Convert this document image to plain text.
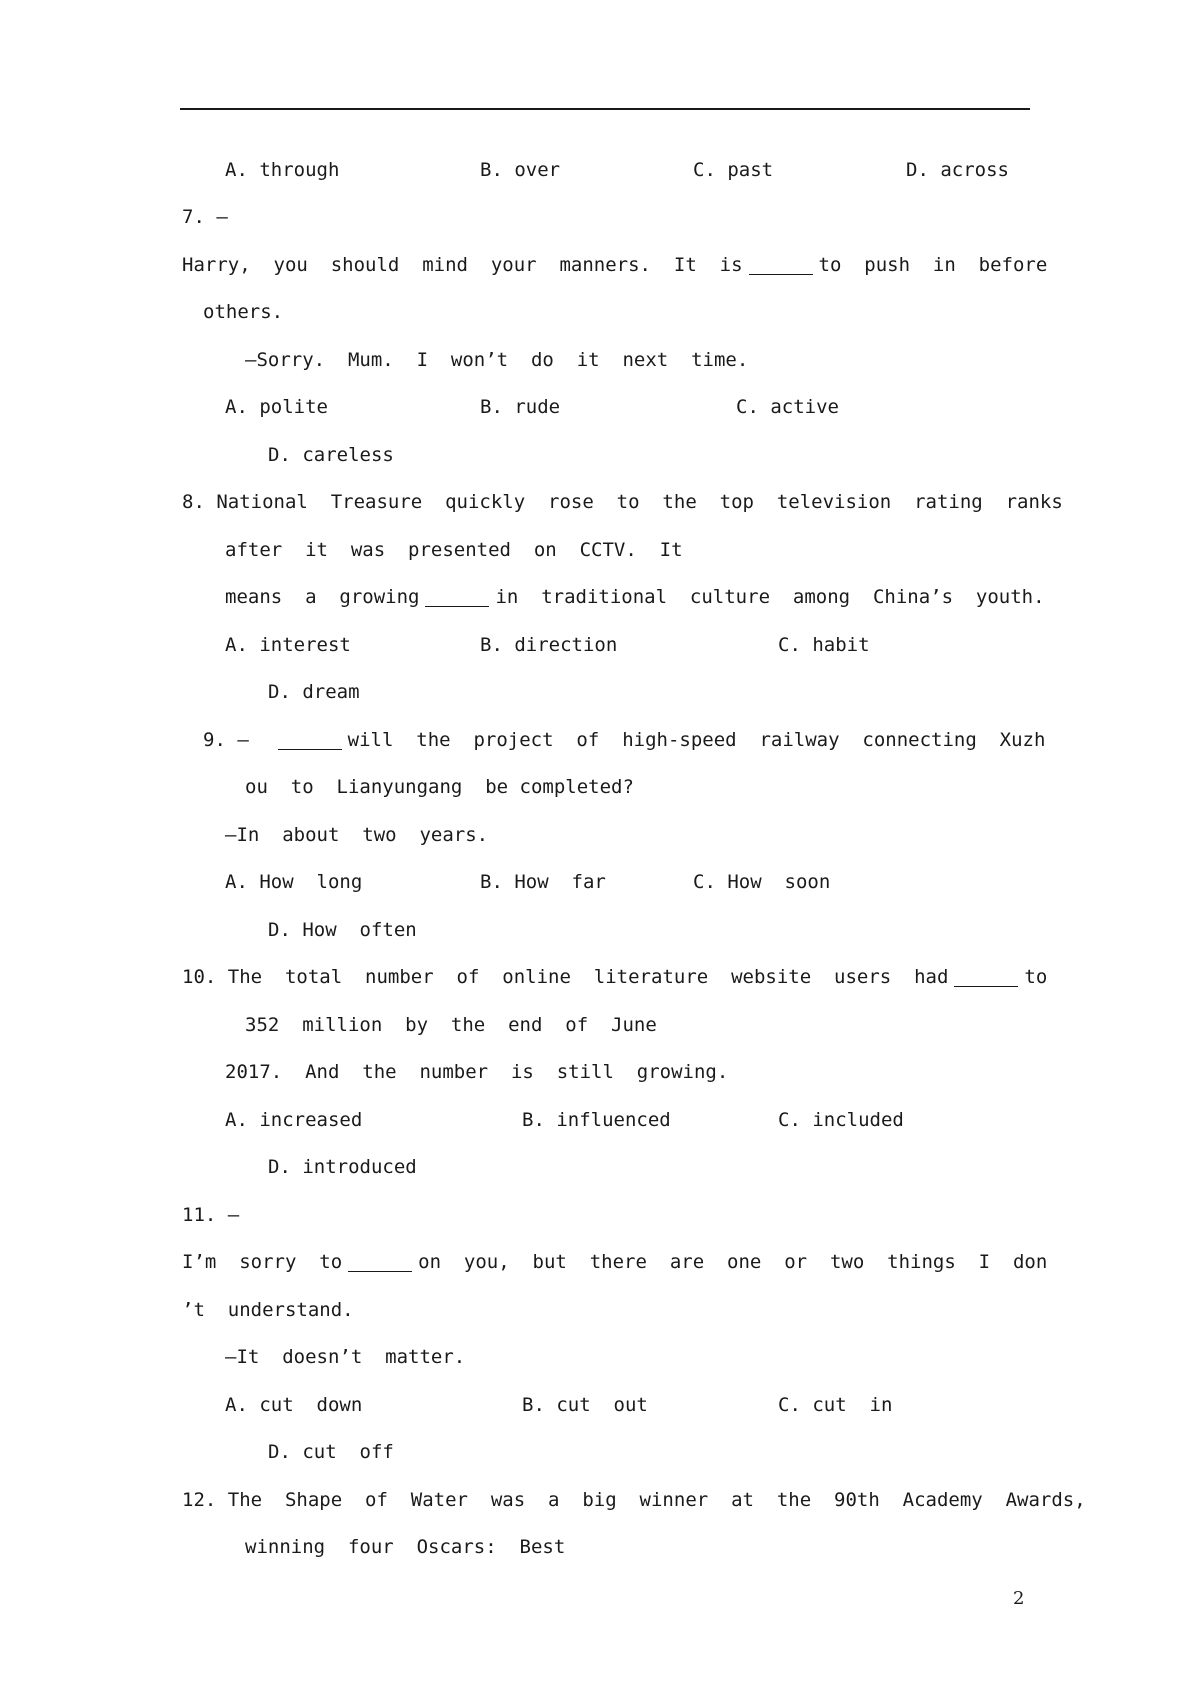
A. through	B. over	C. past	D. across
7. —
Harry,  you  should  mind  your  manners.  It  is	to  push  in  before
others.
—Sorry.  Mum.  I  won’t  do  it  next  time.
A. polite	B. rude	C. active
D. careless
8. National  Treasure  quickly  rose  to  the  top  television  rating  ranks
after  it  was  presented  on  CCTV.  It
means  a  growing	in  traditional  culture  among  China’s  youth.
A. interest	B. direction	C. habit
D. dream
9. —	will  the  project  of  high-speed  railway  connecting  Xuzh
ou  to  Lianyungang  be completed?
—In  about  two  years.
A. How  long	B. How  far	C. How  soon
D. How  often
10. The  total  number  of  online  literature  website  users  had	to
352  million  by  the  end  of  June
2017.  And  the  number  is  still  growing.
A. increased	B. influenced	C. included
D. introduced
11. —
I’m  sorry  to	on  you,  but  there  are  one  or  two  things  I  don
’t  understand.
—It  doesn’t  matter.
A. cut  down	B. cut  out	C. cut  in
D. cut  off
12. The  Shape  of  Water  was  a  big  winner  at  the  90th  Academy  Awards,
winning  four  Oscars:  Best
2
